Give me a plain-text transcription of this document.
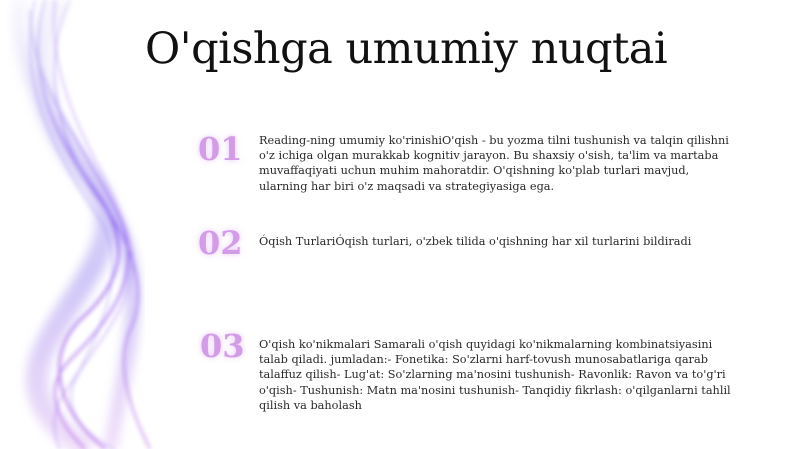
O'qishga umumiy nuqtai
01 Reading-ning umumiy ko'rinishiO'qish - bu yozma tilni tushunish va talqin qilishni o'z ichiga olgan murakkab kognitiv jarayon. Bu shaxsiy o'sish, ta'lim va martaba muvaffaqiyati uchun muhim mahoratdir. O'qishning ko'plab turlari mavjud, ularning har biri o'z maqsadi va strategiyasiga ega.
02 Óqish TurlariÓqish turlari, o'zbek tilida o'qishning har xil turlarini bildiradi
03 O'qish ko'nikmalari Samarali o'qish quyidagi ko'nikmalarning kombinatsiyasini talab qiladi. jumladan:- Fonetika: So'zlarni harf-tovush munosabatlariga qarab talaffuz qilish- Lug'at: So'zlarning ma'nosini tushunish- Ravonlik: Ravon va to'g'ri o'qish- Tushunish: Matn ma'nosini tushunish- Tanqidiy fikrlash: o'qilganlarni tahlil qilish va baholash
